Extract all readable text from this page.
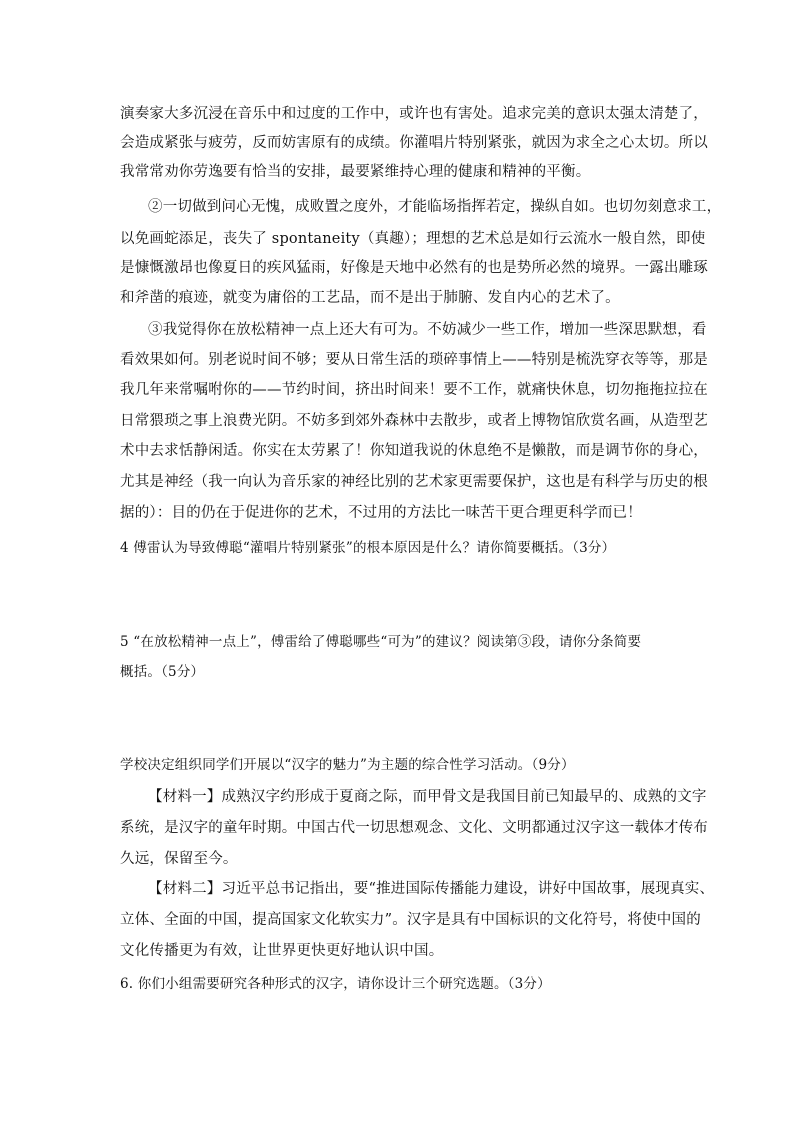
演奏家大多沉浸在音乐中和过度的工作中，或许也有害处。追求完美的意识太强太清楚了，
会造成紧张与疲劳，反而妨害原有的成绩。你灌唱片特别紧张，就因为求全之心太切。所以
我常常劝你劳逸要有恰当的安排，最要紧维持心理的健康和精神的平衡。
②一切做到问心无愧，成败置之度外，才能临场指挥若定，操纵自如。也切勿刻意求工，
以免画蛇添足，丧失了 spontaneity（真趣）；理想的艺术总是如行云流水一般自然，即使
是慷慨激昂也像夏日的疾风猛雨，好像是天地中必然有的也是势所必然的境界。一露出雕琢
和斧凿的痕迹，就变为庸俗的工艺品，而不是出于肺腑、发自内心的艺术了。
③我觉得你在放松精神一点上还大有可为。不妨减少一些工作，增加一些深思默想，看
看效果如何。别老说时间不够；要从日常生活的琐碎事情上——特别是梳洗穿衣等等，那是
我几年来常嘱咐你的——节约时间，挤出时间来！要不工作，就痛快休息，切勿拖拖拉拉在
日常猥琐之事上浪费光阴。不妨多到郊外森林中去散步，或者上博物馆欣赏名画，从造型艺
术中去求恬静闲适。你实在太劳累了！你知道我说的休息绝不是懒散，而是调节你的身心，
尤其是神经（我一向认为音乐家的神经比别的艺术家更需要保护，这也是有科学与历史的根
据的）：目的仍在于促进你的艺术，不过用的方法比一味苦干更合理更科学而已！
4 傅雷认为导致傅聪“灌唱片特别紧张”的根本原因是什么？请你简要概括。（3分）
5 “在放松精神一点上”，傅雷给了傅聪哪些“可为”的建议？阅读第③段，请你分条简要
概括。（5分）
学校决定组织同学们开展以“汉字的魅力”为主题的综合性学习活动。（9分）
【材料一】成熟汉字约形成于夏商之际，而甲骨文是我国目前已知最早的、成熟的文字
系统，是汉字的童年时期。中国古代一切思想观念、文化、文明都通过汉字这一载体才传布
久远，保留至今。
【材料二】习近平总书记指出，要“推进国际传播能力建设，讲好中国故事，展现真实、
立体、全面的中国，提高国家文化软实力”。汉字是具有中国标识的文化符号，将使中国的
文化传播更为有效，让世界更快更好地认识中国。
6. 你们小组需要研究各种形式的汉字，请你设计三个研究选题。（3分）
